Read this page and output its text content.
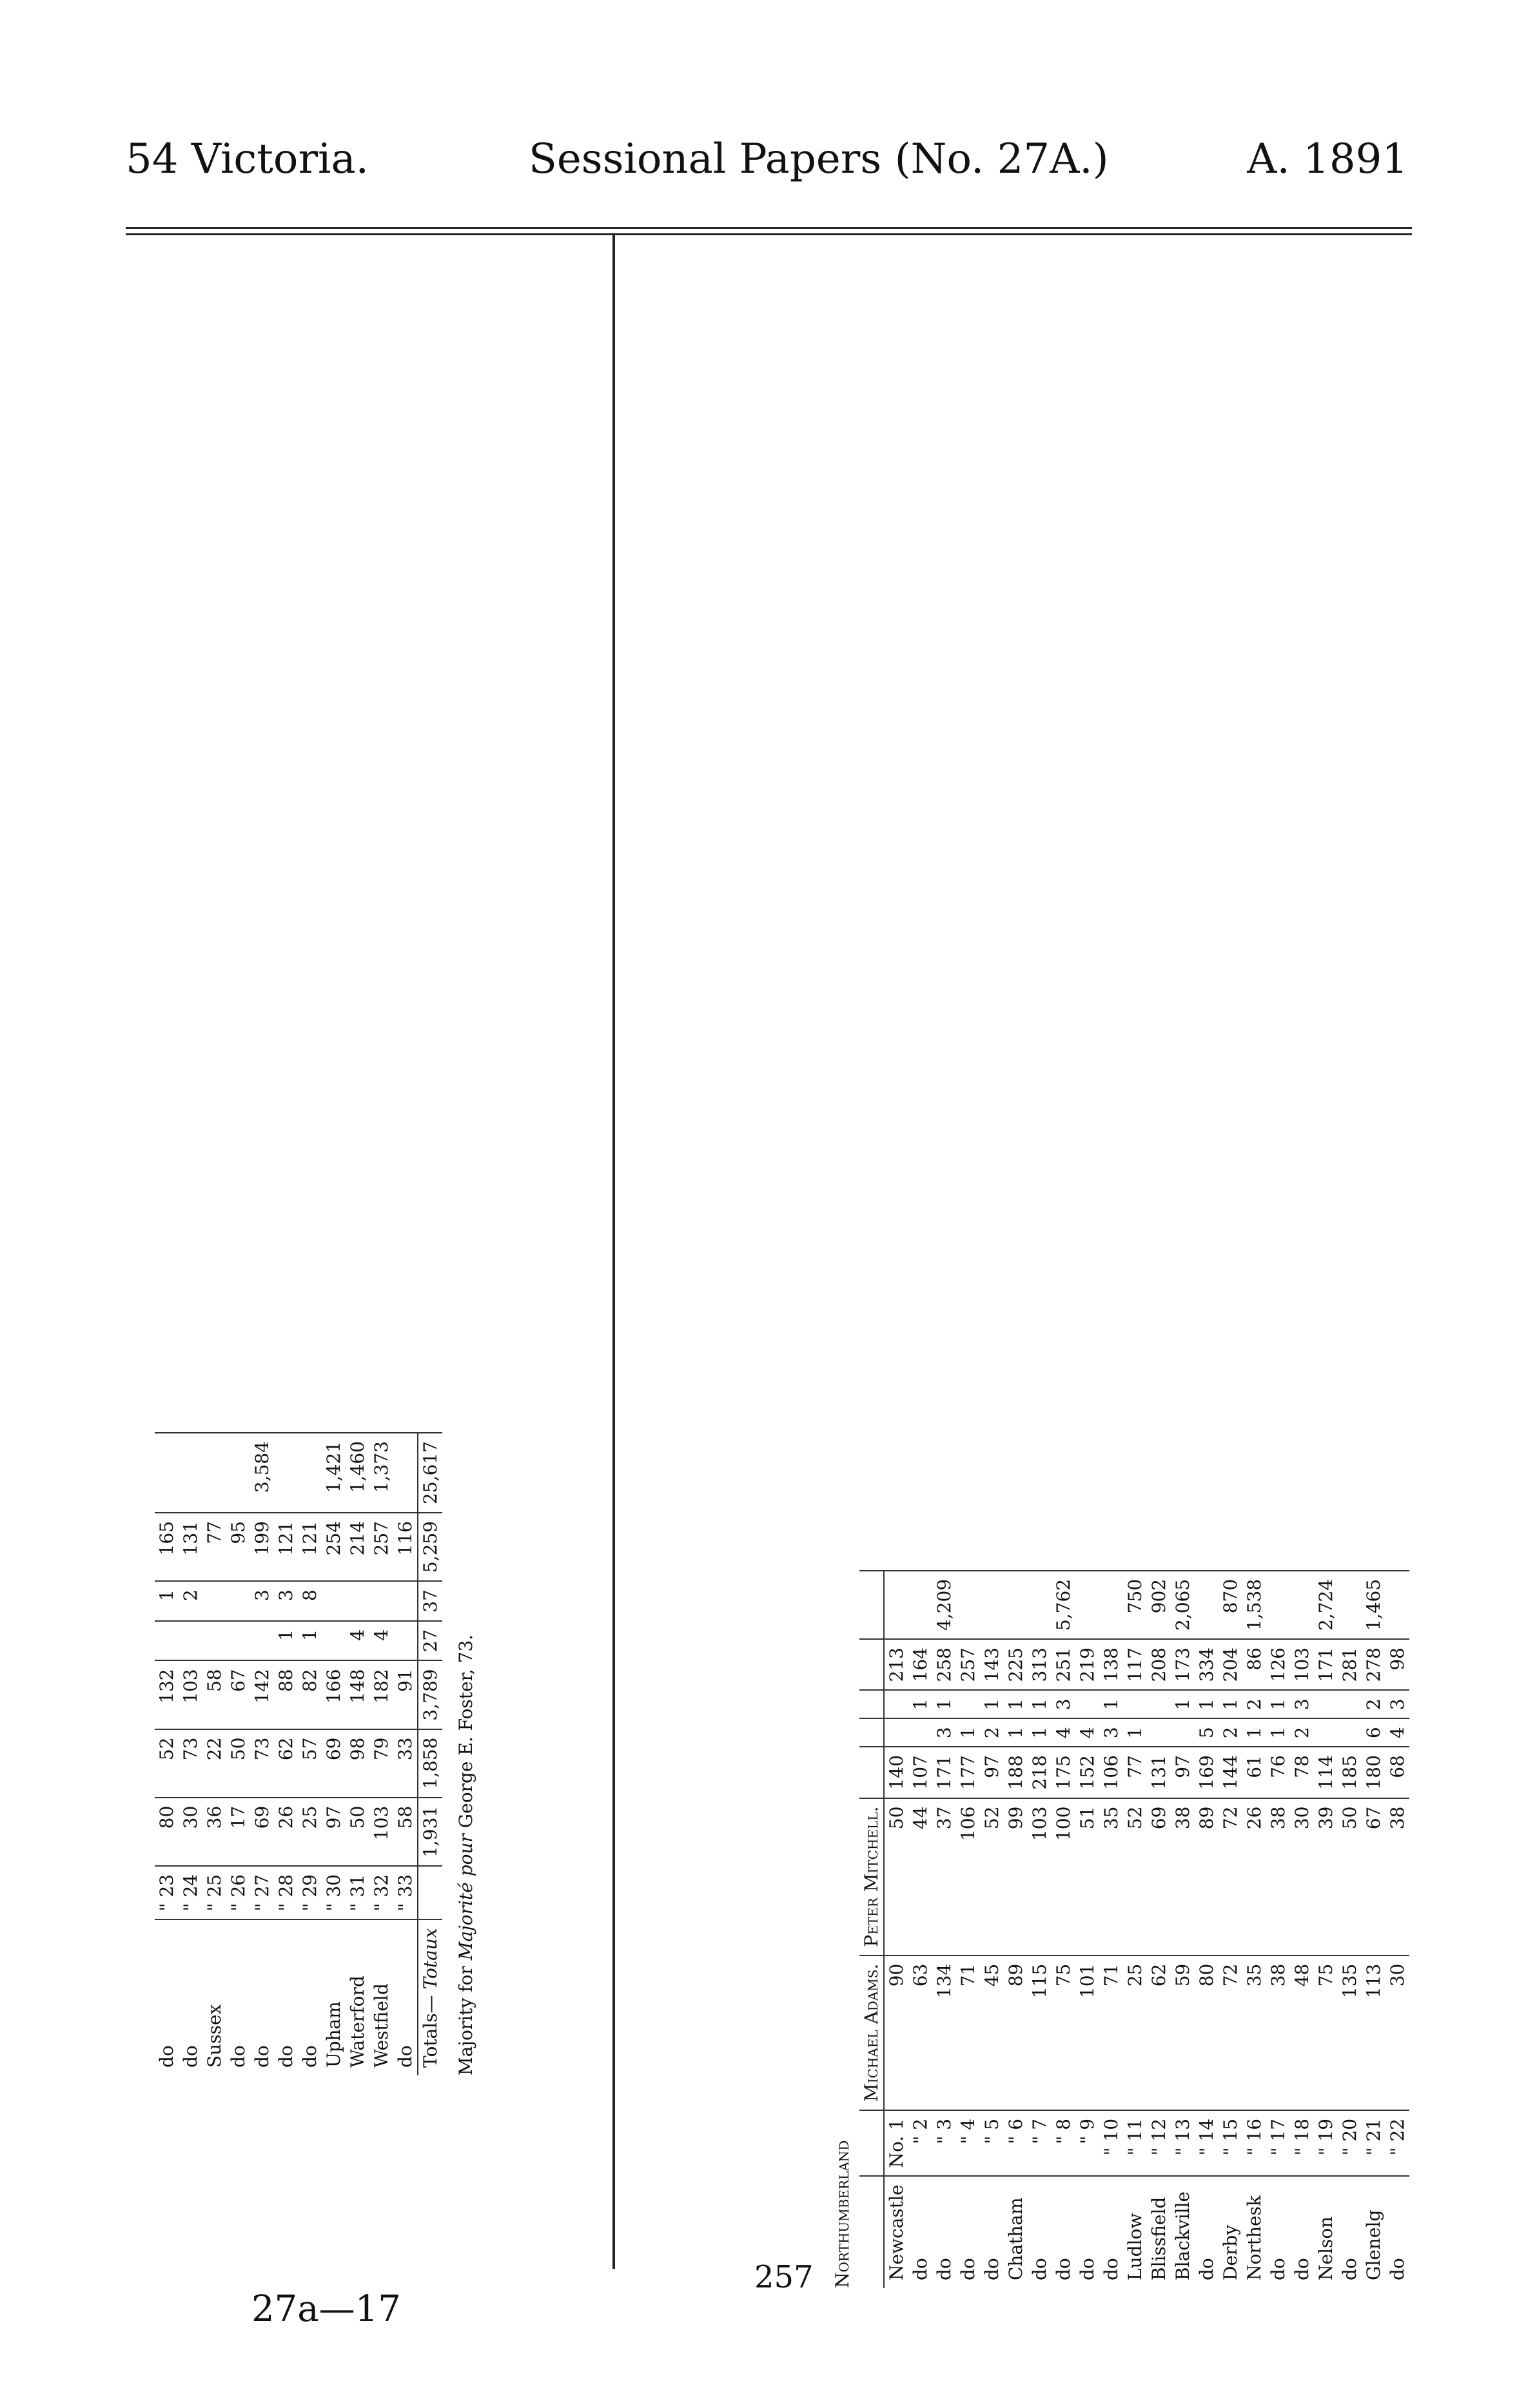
54 Victoria.	Sessional Papers (No. 27A.)	A. 1891
do	" 23	80	52	132		1	165	
do	" 24	30	73	103		2	131	
Sussex	" 25	36	22	58			77	
do	" 26	17	50	67			95	
do	" 27	69	73	142		3	199	3,584
do	" 28	26	62	88	1	3	121	
do	" 29	25	57	82	1	8	121	
Upham	" 30	97	69	166			254	1,421
Waterford	" 31	50	98	148	4		214	1,460
Westfield	" 32	103	79	182	4		257	1,373
do	" 33	58	33	91			116	
Totals— Totaux		1,931	1,858	3,789	27	37	5,259	25,617
Majority for Majorité pour George E. Foster, 73.
Northumberland
		Michael Adams.	Peter Mitchell.					
Newcastle	No. 1	90	50	140			213	
do	" 2	63	44	107		1	164	
do	" 3	134	37	171	3	1	258	4,209
do	" 4	71	106	177	1		257	
do	" 5	45	52	97	2	1	143	
Chatham	" 6	89	99	188	1	1	225	
do	" 7	115	103	218	1	1	313	
do	" 8	75	100	175	4	3	251	5,762
do	" 9	101	51	152	4		219	
do	" 10	71	35	106	3	1	138	
Ludlow	" 11	25	52	77	1		117	750
Blissfield	" 12	62	69	131			208	902
Blackville	" 13	59	38	97		1	173	2,065
do	" 14	80	89	169	5	1	334	
Derby	" 15	72	72	144	2	1	204	870
Northesk	" 16	35	26	61	1	2	86	1,538
do	" 17	38	38	76	1	1	126	
do	" 18	48	30	78	2	3	103	
Nelson	" 19	75	39	114			171	2,724
do	" 20	135	50	185			281	
Glenelg	" 21	113	67	180	6	2	278	1,465
do	" 22	30	38	68	4	3	98	
27a—17
257
